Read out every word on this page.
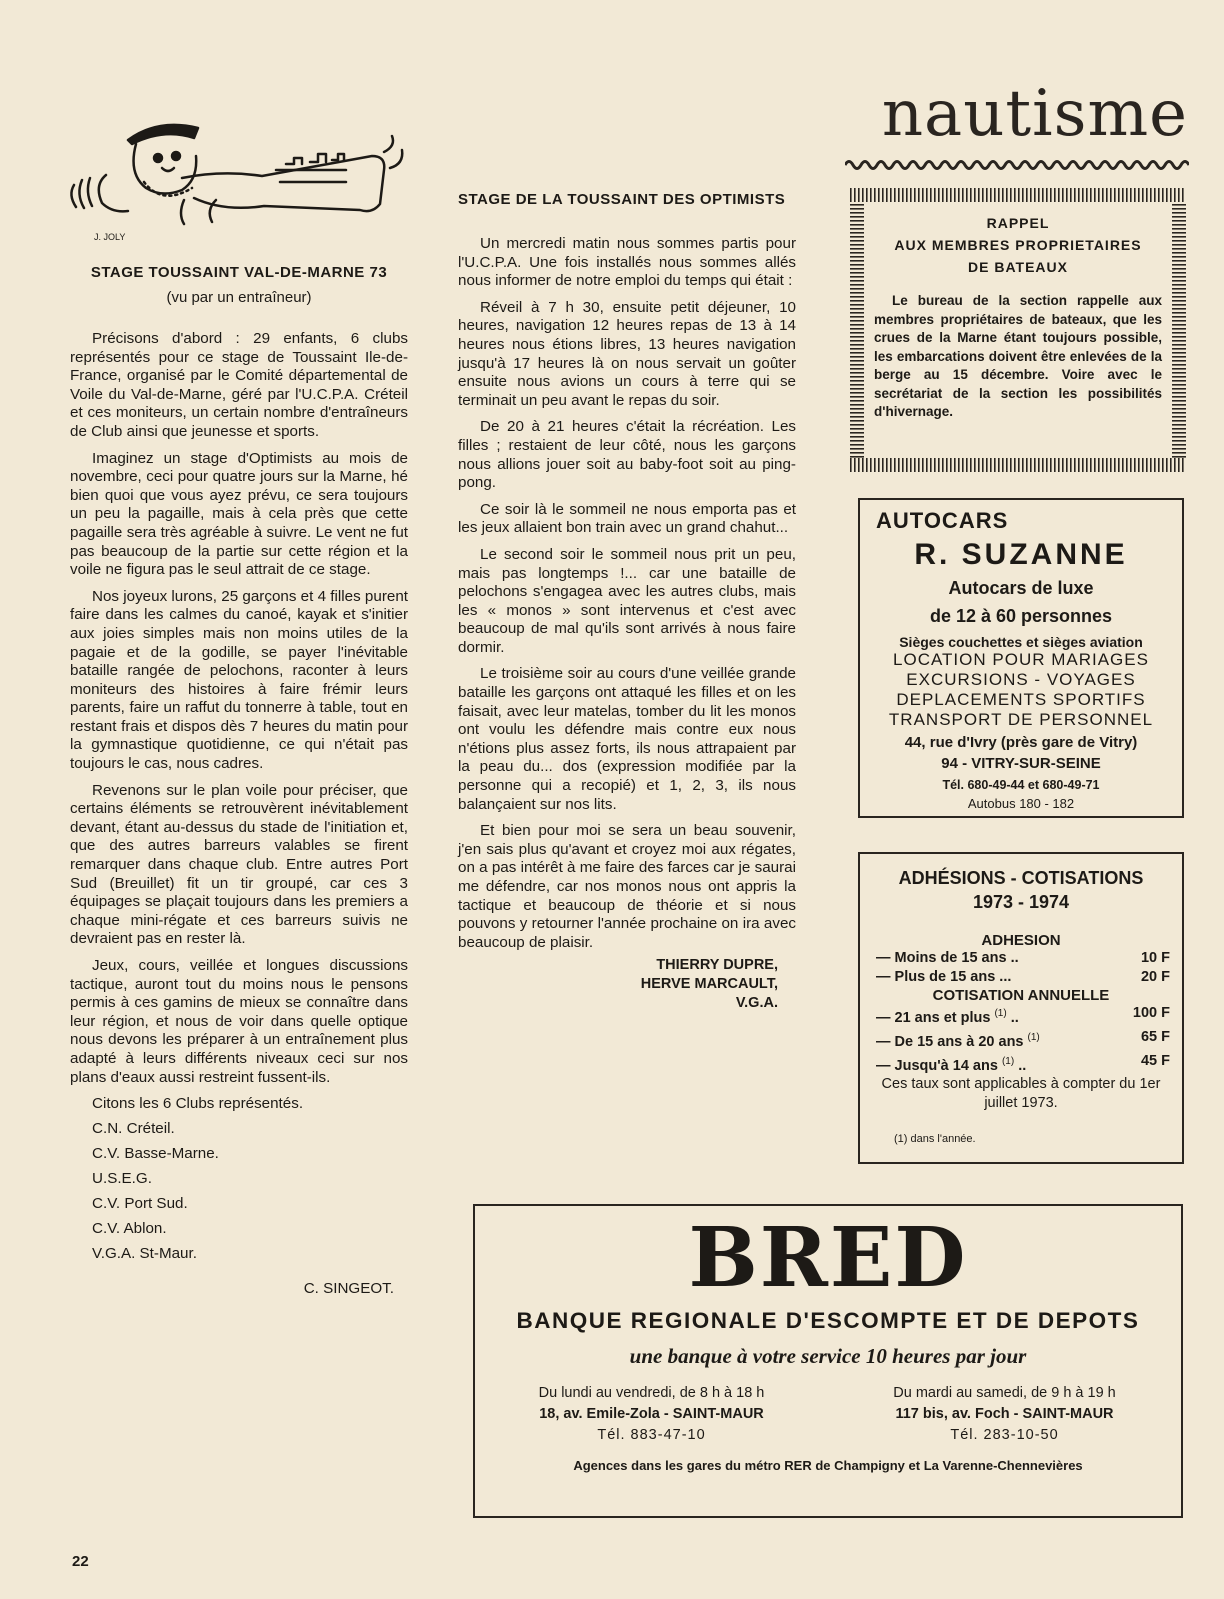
nautisme
J. JOLY
STAGE TOUSSAINT VAL-DE-MARNE 73
(vu par un entraîneur)

Précisons d'abord : 29 enfants, 6 clubs représentés pour ce stage de Toussaint Ile-de-France, organisé par le Comité départemental de Voile du Val-de-Marne, géré par l'U.C.P.A. Créteil et ces moniteurs, un certain nombre d'entraîneurs de Club ainsi que jeunesse et sports.

Imaginez un stage d'Optimists au mois de novembre, ceci pour quatre jours sur la Marne, hé bien quoi que vous ayez prévu, ce sera toujours un peu la pagaille, mais à cela près que cette pagaille sera très agréable à suivre. Le vent ne fut pas beaucoup de la partie sur cette région et la voile ne figura pas le seul attrait de ce stage.

Nos joyeux lurons, 25 garçons et 4 filles purent faire dans les calmes du canoé, kayak et s'initier aux joies simples mais non moins utiles de la pagaie et de la godille, se payer l'inévitable bataille rangée de pelochons, raconter à leurs moniteurs des histoires à faire frémir leurs parents, faire un raffut du tonnerre à table, tout en restant frais et dispos dès 7 heures du matin pour la gymnastique quotidienne, ce qui n'était pas toujours le cas, nous cadres.

Revenons sur le plan voile pour préciser, que certains éléments se retrouvèrent inévitablement devant, étant au-dessus du stade de l'initiation et, que des autres barreurs valables se firent remarquer dans chaque club. Entre autres Port Sud (Breuillet) fit un tir groupé, car ces 3 équipages se plaçait toujours dans les premiers a chaque mini-régate et ces barreurs suivis ne devraient pas en rester là.

Jeux, cours, veillée et longues discussions tactique, auront tout du moins nous le pensons permis à ces gamins de mieux se connaître dans leur région, et nous de voir dans quelle optique nous devons les préparer à un entraînement plus adapté à leurs différents niveaux ceci sur nos plans d'eaux aussi restreint fussent-ils.

Citons les 6 Clubs représentés.

C.N. Créteil.
C.V. Basse-Marne.
U.S.E.G.
C.V. Port Sud.
C.V. Ablon.
V.G.A. St-Maur.
C. SINGEOT.
STAGE DE LA TOUSSAINT DES OPTIMISTS

Un mercredi matin nous sommes partis pour l'U.C.P.A. Une fois installés nous sommes allés nous informer de notre emploi du temps qui était :

Réveil à 7 h 30, ensuite petit déjeuner, 10 heures, navigation 12 heures repas de 13 à 14 heures nous étions libres, 13 heures navigation jusqu'à 17 heures là on nous servait un goûter ensuite nous avions un cours à terre qui se terminait un peu avant le repas du soir.

De 20 à 21 heures c'était la récréation. Les filles ; restaient de leur côté, nous les garçons nous allions jouer soit au baby-foot soit au ping-pong.

Ce soir là le sommeil ne nous emporta pas et les jeux allaient bon train avec un grand chahut...

Le second soir le sommeil nous prit un peu, mais pas longtemps !... car une bataille de pelochons s'engagea avec les autres clubs, mais les « monos » sont intervenus et c'est avec beaucoup de mal qu'ils sont arrivés à nous faire dormir.

Le troisième soir au cours d'une veillée grande bataille les garçons ont attaqué les filles et on les faisait, avec leur matelas, tomber du lit les monos ont voulu les défendre mais contre eux nous n'étions plus assez forts, ils nous attrapaient par la peau du... dos (expression modifiée par la personne qui a recopié) et 1, 2, 3, ils nous balançaient sur nos lits.

Et bien pour moi se sera un beau souvenir, j'en sais plus qu'avant et croyez moi aux régates, on a pas intérêt à me faire des farces car je saurai me défendre, car nos monos nous ont appris la tactique et beaucoup de théorie et si nous pouvons y retourner l'année prochaine on ira avec beaucoup de plaisir.

THIERRY DUPRE,
HERVE MARCAULT,
V.G.A.
RAPPEL
AUX MEMBRES PROPRIETAIRES
DE BATEAUX
Le bureau de la section rappelle aux membres propriétaires de bateaux, que les crues de la Marne étant toujours possible, les embarcations doivent être enlevées de la berge au 15 décembre. Voire avec le secrétariat de la section les possibilités d'hivernage.
AUTOCARS
R. SUZANNE
Autocars de luxe
de 12 à 60 personnes
Sièges couchettes et sièges aviation
LOCATION POUR MARIAGES
EXCURSIONS - VOYAGES
DEPLACEMENTS SPORTIFS
TRANSPORT DE PERSONNEL
44, rue d'Ivry (près gare de Vitry)
94 - VITRY-SUR-SEINE
Tél. 680-49-44 et 680-49-71
Autobus 180 - 182
ADHÉSIONS - COTISATIONS
1973 - 1974
ADHESION
— Moins de 15 ans ..	10 F
— Plus de 15 ans ...	20 F
COTISATION ANNUELLE
— 21 ans et plus $^{(1)}$ ..	100 F
— De 15 ans à 20 ans $^{(1)}$	65 F
— Jusqu'à 14 ans $^{(1)}$ ..	45 F
Ces taux sont applicables à compter du 1er juillet 1973.
(1) dans l'année.
BRED
BANQUE REGIONALE D'ESCOMPTE ET DE DEPOTS
une banque à votre service 10 heures par jour
Du lundi au vendredi, de 8 h à 18 h
18, av. Emile-Zola - SAINT-MAUR
Tél. 883-47-10
Du mardi au samedi, de 9 h à 19 h
117 bis, av. Foch - SAINT-MAUR
Tél. 283-10-50
Agences dans les gares du métro RER de Champigny et La Varenne-Chennevières
22
